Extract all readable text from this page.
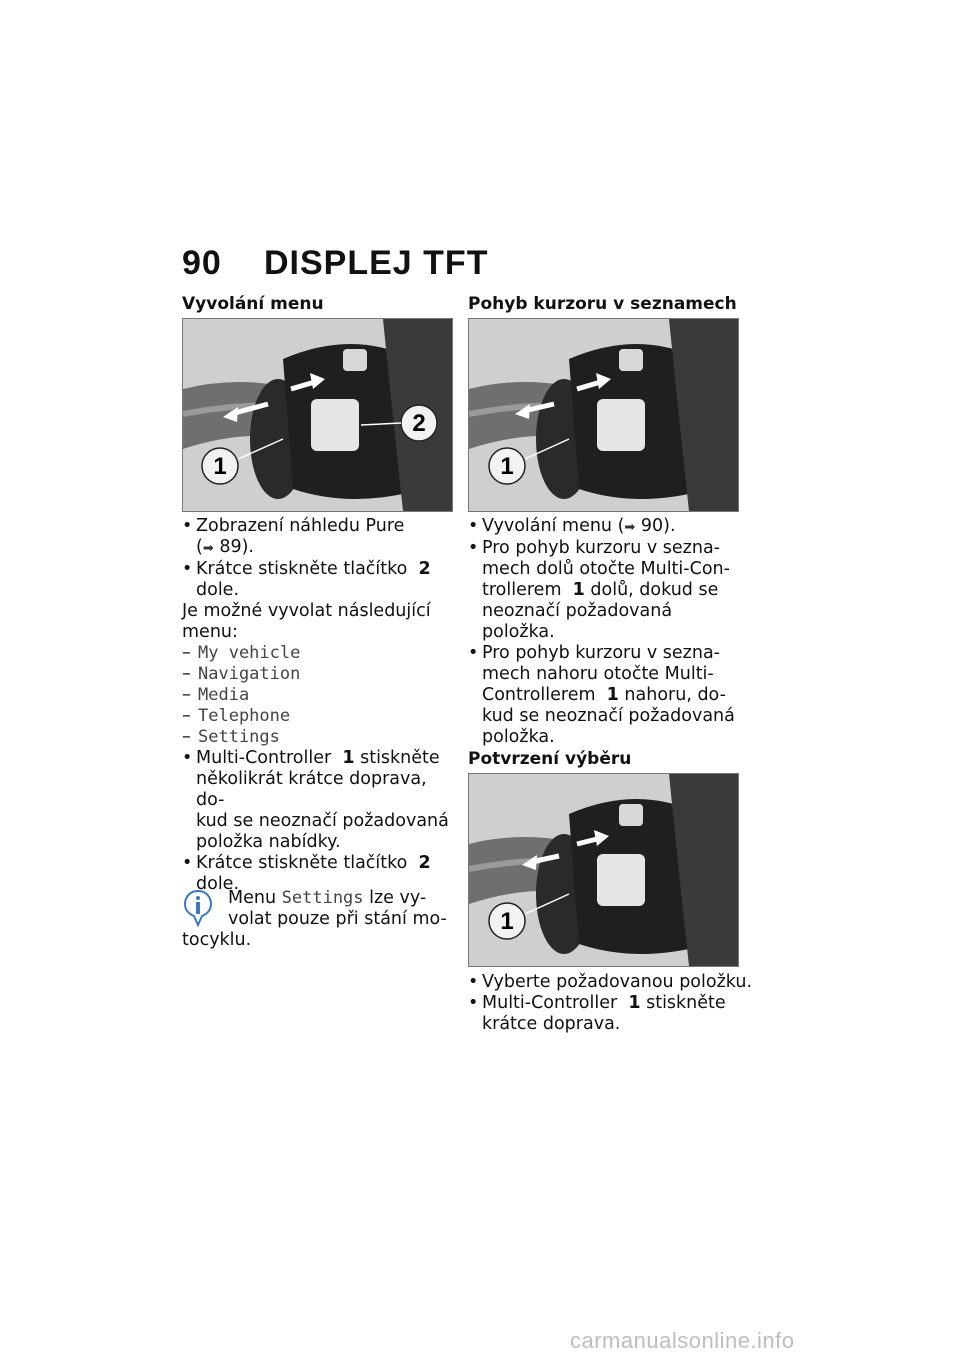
90 DISPLEJ TFT
Vyvolání menu
1
2

• Zobrazení náhledu Pure

(➡ 89).

• Krátce stiskněte tlačítko 2

dole.

Je možné vyvolat následující

menu:

– My vehicle

– Navigation

– Media

– Telephone

– Settings

• Multi-Controller 1 stiskněte

několikrát krátce doprava, do-

kud se neoznačí požadovaná

položka nabídky.

• Krátce stiskněte tlačítko 2

dole.

Menu Settings lze vy-

volat pouze při stání mo-

tocyklu.

Pohyb kurzoru v seznamech
1

• Vyvolání menu (➡ 90).

• Pro pohyb kurzoru v sezna-

mech dolů otočte Multi-Con-

trollerem 1 dolů, dokud se

neoznačí požadovaná položka.

• Pro pohyb kurzoru v sezna-

mech nahoru otočte Multi-

Controllerem 1 nahoru, do-

kud se neoznačí požadovaná

položka.

Potvrzení výběru
1

• Vyberte požadovanou položku.

• Multi-Controller 1 stiskněte

krátce doprava.

carmanualsonline.info
